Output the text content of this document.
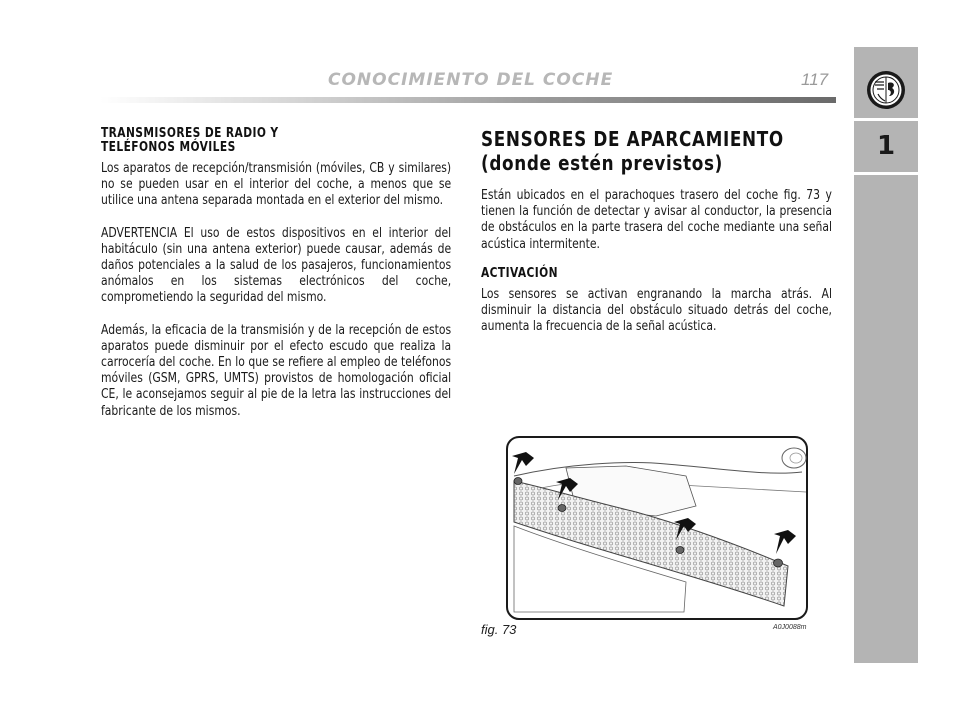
CONOCIMIENTO DEL COCHE	117
1

TRANSMISORES DE RADIO Y

TELÉFONOS MÓVILES

Los aparatos de recepción/transmisión (móviles, CB y similares) no se pueden usar en el interior del coche, a menos que se utilice una antena separada montada en el exterior del mismo.

ADVERTENCIA El uso de estos dispositivos en el interior del habitáculo (sin una antena exterior) puede causar, además de daños potenciales a la salud de los pasajeros, funcionamientos anómalos en los sistemas electrónicos del coche, comprometiendo la seguridad del mismo.

Además, la eficacia de la transmisión y de la recepción de estos aparatos puede disminuir por el efecto escudo que realiza la carrocería del coche. En lo que se refiere al empleo de teléfonos móviles (GSM, GPRS, UMTS) provistos de homologación oficial CE, le aconsejamos seguir al pie de la letra las instrucciones del fabricante de los mismos.

SENSORES DE APARCAMIENTO

(donde estén previstos)

Están ubicados en el parachoques trasero del coche fig. 73 y tienen la función de detectar y avisar al conductor, la presencia de obstáculos en la parte trasera del coche mediante una señal acústica intermitente.

ACTIVACIÓN

Los sensores se activan engranando la marcha atrás. Al disminuir la distancia del obstáculo situado detrás del coche, aumenta la frecuencia de la señal acústica.

fig. 73	A0J0088m
